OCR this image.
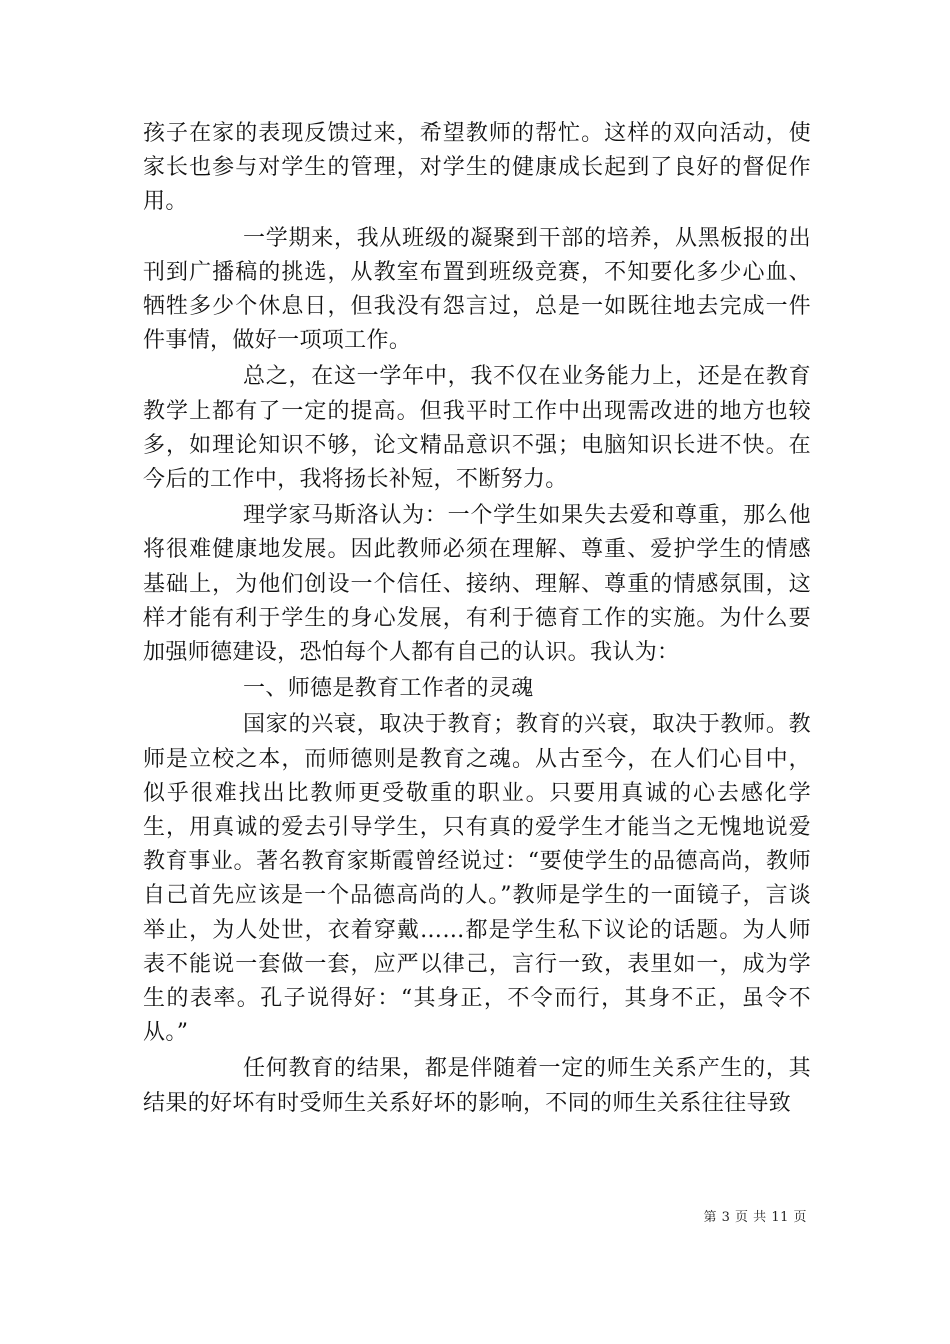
孩子在家的表现反馈过来，希望教师的帮忙。这样的双向活动，使家长也参与对学生的管理，对学生的健康成长起到了良好的督促作用。

一学期来，我从班级的凝聚到干部的培养，从黑板报的出刊到广播稿的挑选，从教室布置到班级竞赛，不知要化多少心血、牺牲多少个休息日，但我没有怨言过，总是一如既往地去完成一件件事情，做好一项项工作。

总之，在这一学年中，我不仅在业务能力上，还是在教育教学上都有了一定的提高。但我平时工作中出现需改进的地方也较多，如理论知识不够，论文精品意识不强；电脑知识长进不快。在今后的工作中，我将扬长补短，不断努力。

理学家马斯洛认为：一个学生如果失去爱和尊重，那么他将很难健康地发展。因此教师必须在理解、尊重、爱护学生的情感基础上，为他们创设一个信任、接纳、理解、尊重的情感氛围，这样才能有利于学生的身心发展，有利于德育工作的实施。为什么要加强师德建设，恐怕每个人都有自己的认识。我认为：

一、师德是教育工作者的灵魂

国家的兴衰，取决于教育；教育的兴衰，取决于教师。教师是立校之本，而师德则是教育之魂。从古至今，在人们心目中，似乎很难找出比教师更受敬重的职业。只要用真诚的心去感化学生，用真诚的爱去引导学生，只有真的爱学生才能当之无愧地说爱教育事业。著名教育家斯霞曾经说过：“要使学生的品德高尚，教师自己首先应该是一个品德高尚的人。”教师是学生的一面镜子，言谈举止，为人处世，衣着穿戴……都是学生私下议论的话题。为人师表不能说一套做一套，应严以律己，言行一致，表里如一，成为学生的表率。孔子说得好：“其身正，不令而行，其身不正，虽令不从。”

任何教育的结果，都是伴随着一定的师生关系产生的，其结果的好坏有时受师生关系好坏的影响，不同的师生关系往往导致

第 3 页 共 11 页
